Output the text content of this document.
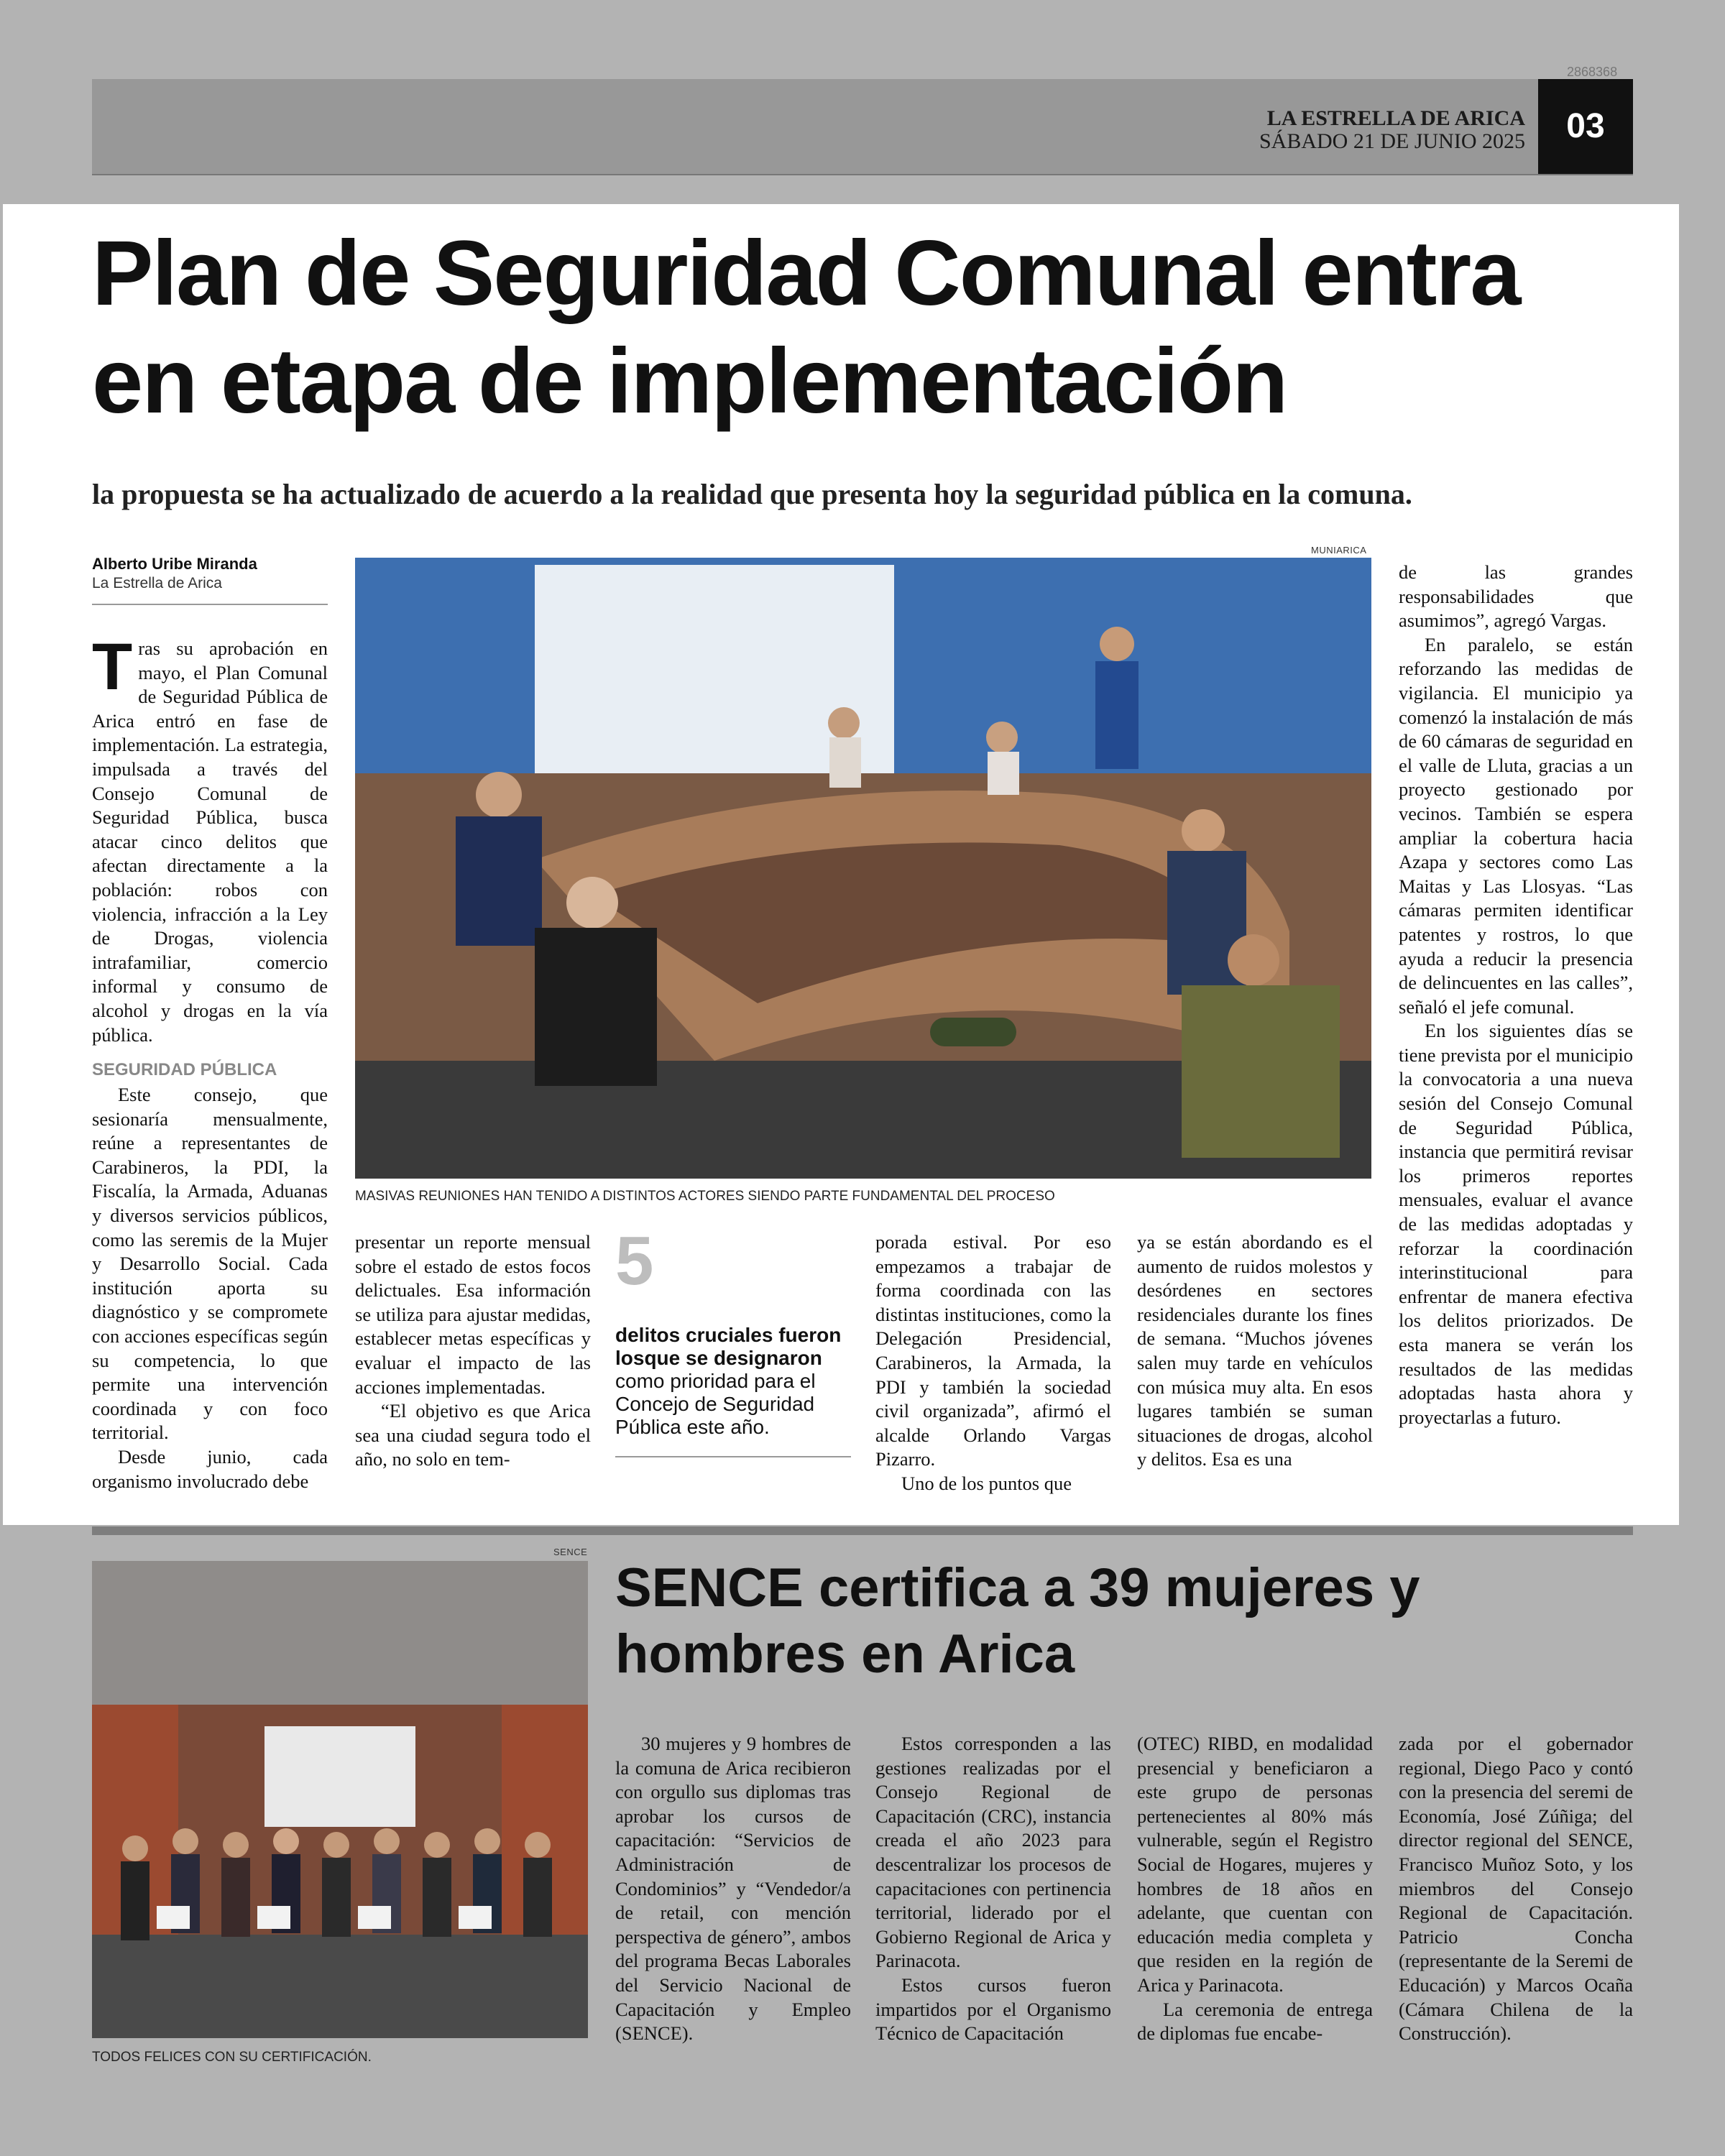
2868368
LA ESTRELLA DE ARICA
SÁBADO 21 DE JUNIO 2025	03
Plan de Seguridad Comunal entra
en etapa de implementación
la propuesta se ha actualizado de acuerdo a la realidad que presenta hoy la seguridad pública en la comuna.
Alberto Uribe Miranda
La Estrella de Arica
MUNIARICA
MASIVAS REUNIONES HAN TENIDO A DISTINTOS ACTORES SIENDO PARTE FUNDAMENTAL DEL PROCESO

T ras su aprobación en mayo, el Plan Comunal de Seguridad Pública de Arica entró en fase de implementación. La estrategia, impulsada a través del Consejo Comunal de Seguridad Pública, busca atacar cinco delitos que afectan directamente a la población: robos con violencia, infracción a la Ley de Drogas, violencia intrafamiliar, comercio informal y consumo de alcohol y drogas en la vía pública.

SEGURIDAD PÚBLICA

Este consejo, que sesionaría mensualmente, reúne a representantes de Carabineros, la PDI, la Fiscalía, la Armada, Aduanas y diversos servicios públicos, como las seremis de la Mujer y Desarrollo Social. Cada institución aporta su diagnóstico y se compromete con acciones específicas según su competencia, lo que permite una intervención coordinada y con foco territorial.

Desde junio, cada organismo involucrado debe

presentar un reporte mensual sobre el estado de estos focos delictuales. Esa información se utiliza para ajustar medidas, establecer metas específicas y evaluar el impacto de las acciones implementadas.

“El objetivo es que Arica sea una ciudad segura todo el año, no solo en tem-

5
delitos cruciales fueron losque se designaron como prioridad para el Concejo de Seguridad Pública este año.

porada estival. Por eso empezamos a trabajar de forma coordinada con las distintas instituciones, como la Delegación Presidencial, Carabineros, la Armada, la PDI y también la sociedad civil organizada”, afirmó el alcalde Orlando Vargas Pizarro.

Uno de los puntos que

ya se están abordando es el aumento de ruidos molestos y desórdenes en sectores residenciales durante los fines de semana. “Muchos jóvenes salen muy tarde en vehículos con música muy alta. En esos lugares también se suman situaciones de drogas, alcohol y delitos. Esa es una

de las grandes responsabilidades que asumimos”, agregó Vargas.

En paralelo, se están reforzando las medidas de vigilancia. El municipio ya comenzó la instalación de más de 60 cámaras de seguridad en el valle de Lluta, gracias a un proyecto gestionado por vecinos. También se espera ampliar la cobertura hacia Azapa y sectores como Las Maitas y Las Llosyas. “Las cámaras permiten identificar patentes y rostros, lo que ayuda a reducir la presencia de delincuentes en las calles”, señaló el jefe comunal.

En los siguientes días se tiene prevista por el municipio la convocatoria a una nueva sesión del Consejo Comunal de Seguridad Pública, instancia que permitirá revisar los primeros reportes mensuales, evaluar el avance de las medidas adoptadas y reforzar la coordinación interinstitucional para enfrentar de manera efectiva los delitos priorizados. De esta manera se verán los resultados de las medidas adoptadas hasta ahora y proyectarlas a futuro.

SENCE
TODOS FELICES CON SU CERTIFICACIÓN.
SENCE certifica a 39 mujeres y
hombres en Arica

30 mujeres y 9 hombres de la comuna de Arica recibieron con orgullo sus diplomas tras aprobar los cursos de capacitación: “Servicios de Administración de Condominios” y “Vendedor/a de retail, con mención perspectiva de género”, ambos del programa Becas Laborales del Servicio Nacional de Capacitación y Empleo (SENCE).

Estos corresponden a las gestiones realizadas por el Consejo Regional de Capacitación (CRC), instancia creada el año 2023 para descentralizar los procesos de capacitaciones con pertinencia territorial, liderado por el Gobierno Regional de Arica y Parinacota.

Estos cursos fueron impartidos por el Organismo Técnico de Capacitación

(OTEC) RIBD, en modalidad presencial y beneficiaron a este grupo de personas pertenecientes al 80% más vulnerable, según el Registro Social de Hogares, mujeres y hombres de 18 años en adelante, que cuentan con educación media completa y que residen en la región de Arica y Parinacota.

La ceremonia de entrega de diplomas fue encabe-

zada por el gobernador regional, Diego Paco y contó con la presencia del seremi de Economía, José Zúñiga; del director regional del SENCE, Francisco Muñoz Soto, y los miembros del Consejo Regional de Capacitación. Patricio Concha (representante de la Seremi de Educación) y Marcos Ocaña (Cámara Chilena de la Construcción).
